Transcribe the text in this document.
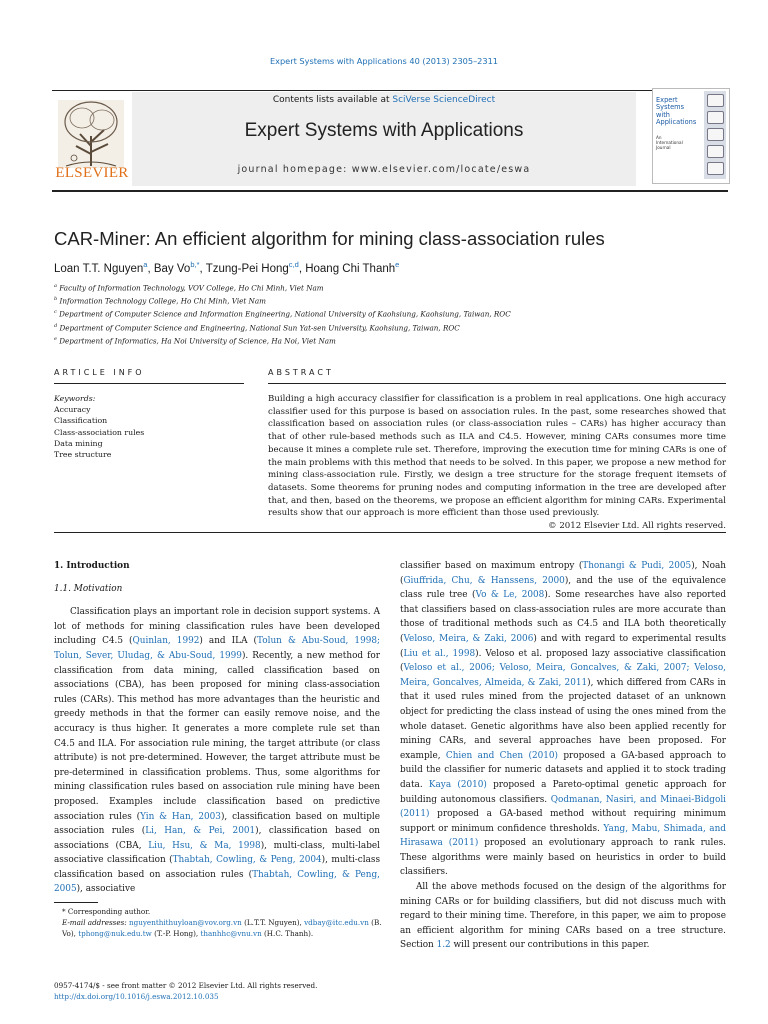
Expert Systems with Applications 40 (2013) 2305–2311
Contents lists available at SciVerse ScienceDirect
Expert Systems with Applications
journal homepage: www.elsevier.com/locate/eswa
ELSEVIER
Expert Systems with Applications
An International Journal
CAR-Miner: An efficient algorithm for mining class-association rules
Loan T.T. Nguyen$^a$, Bay $Vo^{b,*}$, Tzung-Pei Hong$^{c,d}$, Hoang Chi Thanh$^e$
$^a$ Faculty of Information Technology, VOV College, Ho Chi Minh, Viet Nam
$^b$ Information Technology College, Ho Chi Minh, Viet Nam
$^c$ Department of Computer Science and Information Engineering, National University of Kaohsiung, Kaohsiung, Taiwan, ROC
$^d$ Department of Computer Science and Engineering, National Sun Yat-sen University, Kaohsiung, Taiwan, ROC
$^e$ Department of Informatics, Ha Noi University of Science, Ha Noi, Viet Nam
ARTICLE INFO	ABSTRACT
Keywords:
Accuracy
Classification
Class-association rules
Data mining
Tree structure
Building a high accuracy classifier for classification is a problem in real applications. One high accuracy classifier used for this purpose is based on association rules. In the past, some researches showed that classification based on association rules (or class-association rules – CARs) has higher accuracy than that of other rule-based methods such as ILA and C4.5. However, mining CARs consumes more time because it mines a complete rule set. Therefore, improving the execution time for mining CARs is one of the main problems with this method that needs to be solved. In this paper, we propose a new method for mining class-association rule. Firstly, we design a tree structure for the storage frequent itemsets of datasets. Some theorems for pruning nodes and computing information in the tree are developed after that, and then, based on the theorems, we propose an efficient algorithm for mining CARs. Experimental results show that our approach is more efficient than those used previously.
© 2012 Elsevier Ltd. All rights reserved.
1. Introduction
1.1. Motivation

Classification plays an important role in decision support systems. A lot of methods for mining classification rules have been developed including C4.5 (Quinlan, 1992) and ILA (Tolun & Abu-Soud, 1998; Tolun, Sever, Uludag, & Abu-Soud, 1999). Recently, a new method for classification from data mining, called classification based on associations (CBA), has been proposed for mining class-association rules (CARs). This method has more advantages than the heuristic and greedy methods in that the former can easily remove noise, and the accuracy is thus higher. It generates a more complete rule set than C4.5 and ILA. For association rule mining, the target attribute (or class attribute) is not pre-determined. However, the target attribute must be pre-determined in classification problems. Thus, some algorithms for mining classification rules based on association rule mining have been proposed. Examples include classification based on predictive association rules (Yin & Han, 2003), classification based on multiple association rules (Li, Han, & Pei, 2001), classification based on associations (CBA, Liu, Hsu, & Ma, 1998), multi-class, multi-label associative classification (Thabtah, Cowling, & Peng, 2004), multi-class classification based on association rules (Thabtah, Cowling, & Peng, 2005), associative

classifier based on maximum entropy (Thonangi & Pudi, 2005), Noah (Giuffrida, Chu, & Hanssens, 2000), and the use of the equivalence class rule tree (Vo & Le, 2008). Some researches have also reported that classifiers based on class-association rules are more accurate than those of traditional methods such as C4.5 and ILA both theoretically (Veloso, Meira, & Zaki, 2006) and with regard to experimental results (Liu et al., 1998). Veloso et al. proposed lazy associative classification (Veloso et al., 2006; Veloso, Meira, Goncalves, & Zaki, 2007; Veloso, Meira, Goncalves, Almeida, & Zaki, 2011), which differed from CARs in that it used rules mined from the projected dataset of an unknown object for predicting the class instead of using the ones mined from the whole dataset. Genetic algorithms have also been applied recently for mining CARs, and several approaches have been proposed. For example, Chien and Chen (2010) proposed a GA-based approach to build the classifier for numeric datasets and applied it to stock trading data. Kaya (2010) proposed a Pareto-optimal genetic approach for building autonomous classifiers. Qodmanan, Nasiri, and Minaei-Bidgoli (2011) proposed a GA-based method without requiring minimum support or minimum confidence thresholds. Yang, Mabu, Shimada, and Hirasawa (2011) proposed an evolutionary approach to rank rules. These algorithms were mainly based on heuristics in order to build classifiers.

All the above methods focused on the design of the algorithms for mining CARs or for building classifiers, but did not discuss much with regard to their mining time. Therefore, in this paper, we aim to propose an efficient algorithm for mining CARs based on a tree structure. Section 1.2 will present our contributions in this paper.

* Corresponding author.
E-mail addresses: nguyenthithuyloan@vov.org.vn (L.T.T. Nguyen), vdbay@itc.edu.vn (B. Vo), tphong@nuk.edu.tw (T.-P. Hong), thanhhc@vnu.vn (H.C. Thanh).
0957-4174/$ - see front matter © 2012 Elsevier Ltd. All rights reserved.
http://dx.doi.org/10.1016/j.eswa.2012.10.035
